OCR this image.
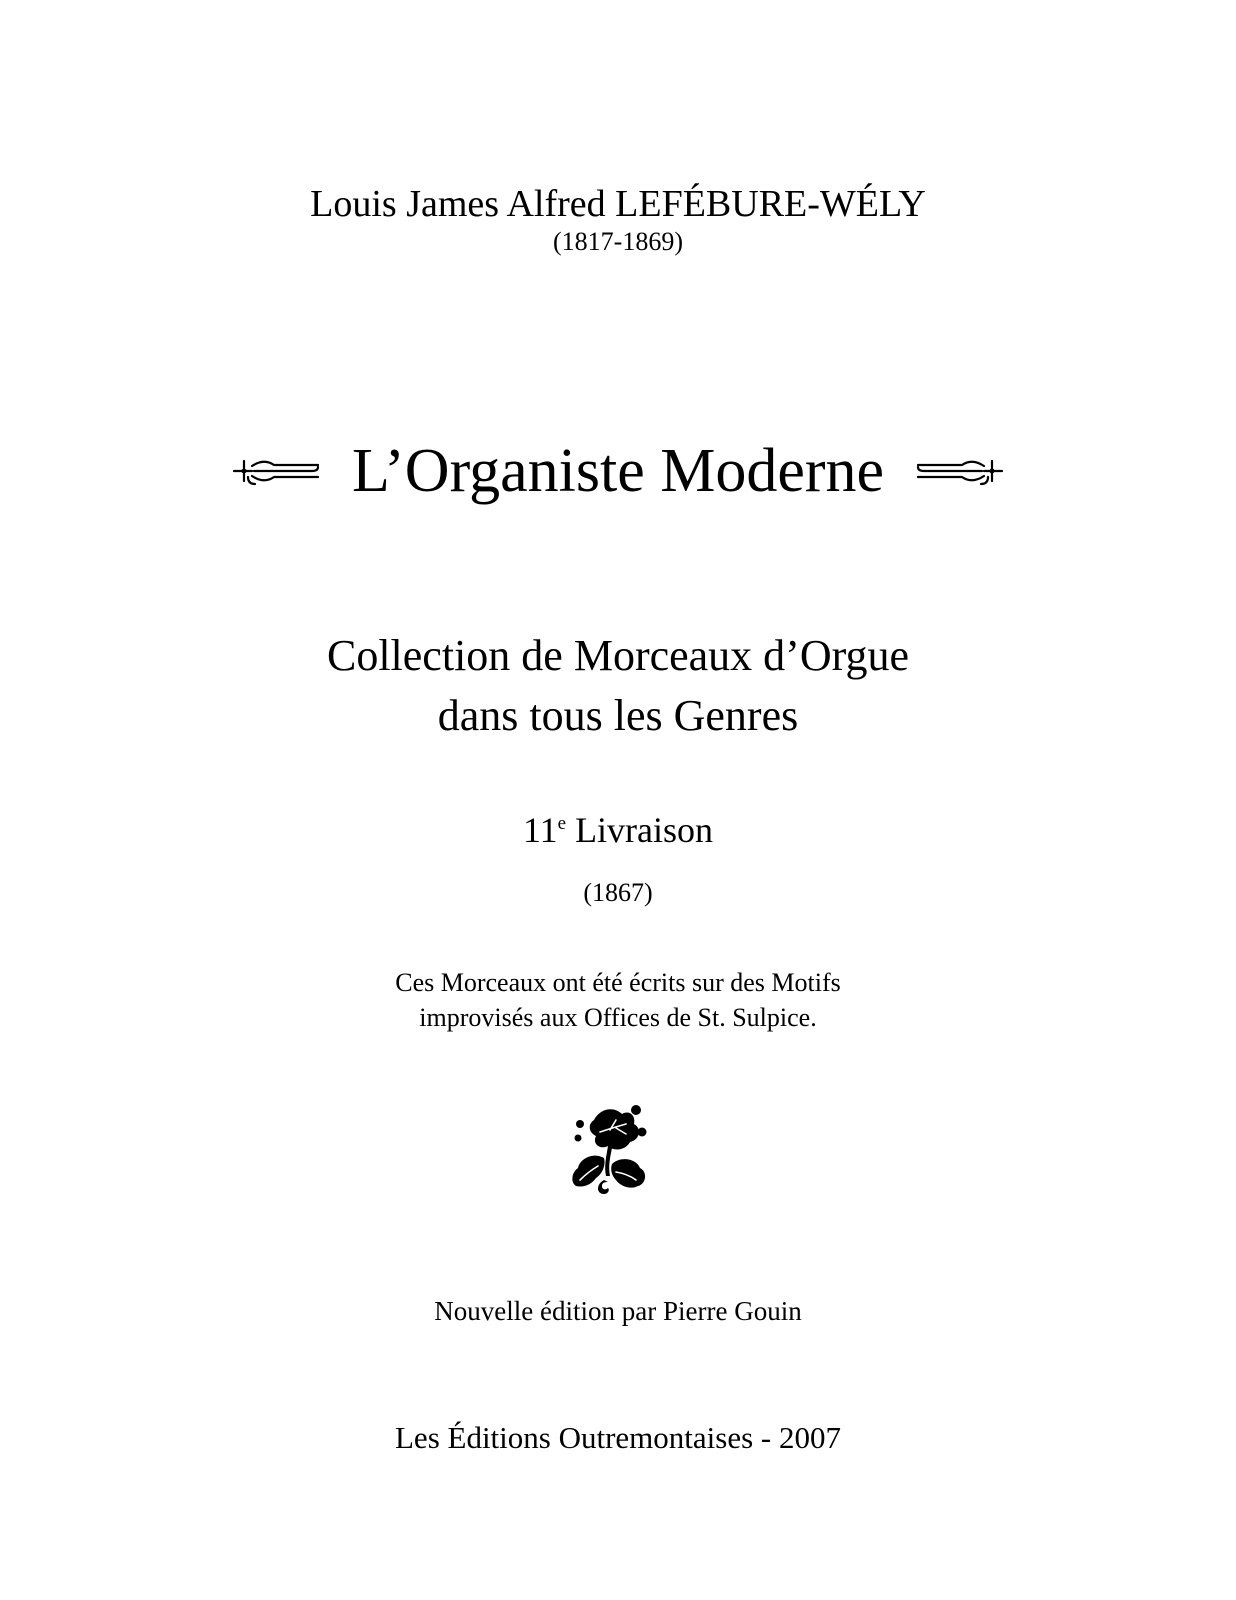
Louis James Alfred LEFÉBURE-WÉLY
(1817-1869)
L’Organiste Moderne
Collection de Morceaux d’Orgue
dans tous les Genres
11e Livraison
(1867)
Ces Morceaux ont été écrits sur des Motifs
improvisés aux Offices de St. Sulpice.
Nouvelle édition par Pierre Gouin
Les Éditions Outremontaises - 2007
